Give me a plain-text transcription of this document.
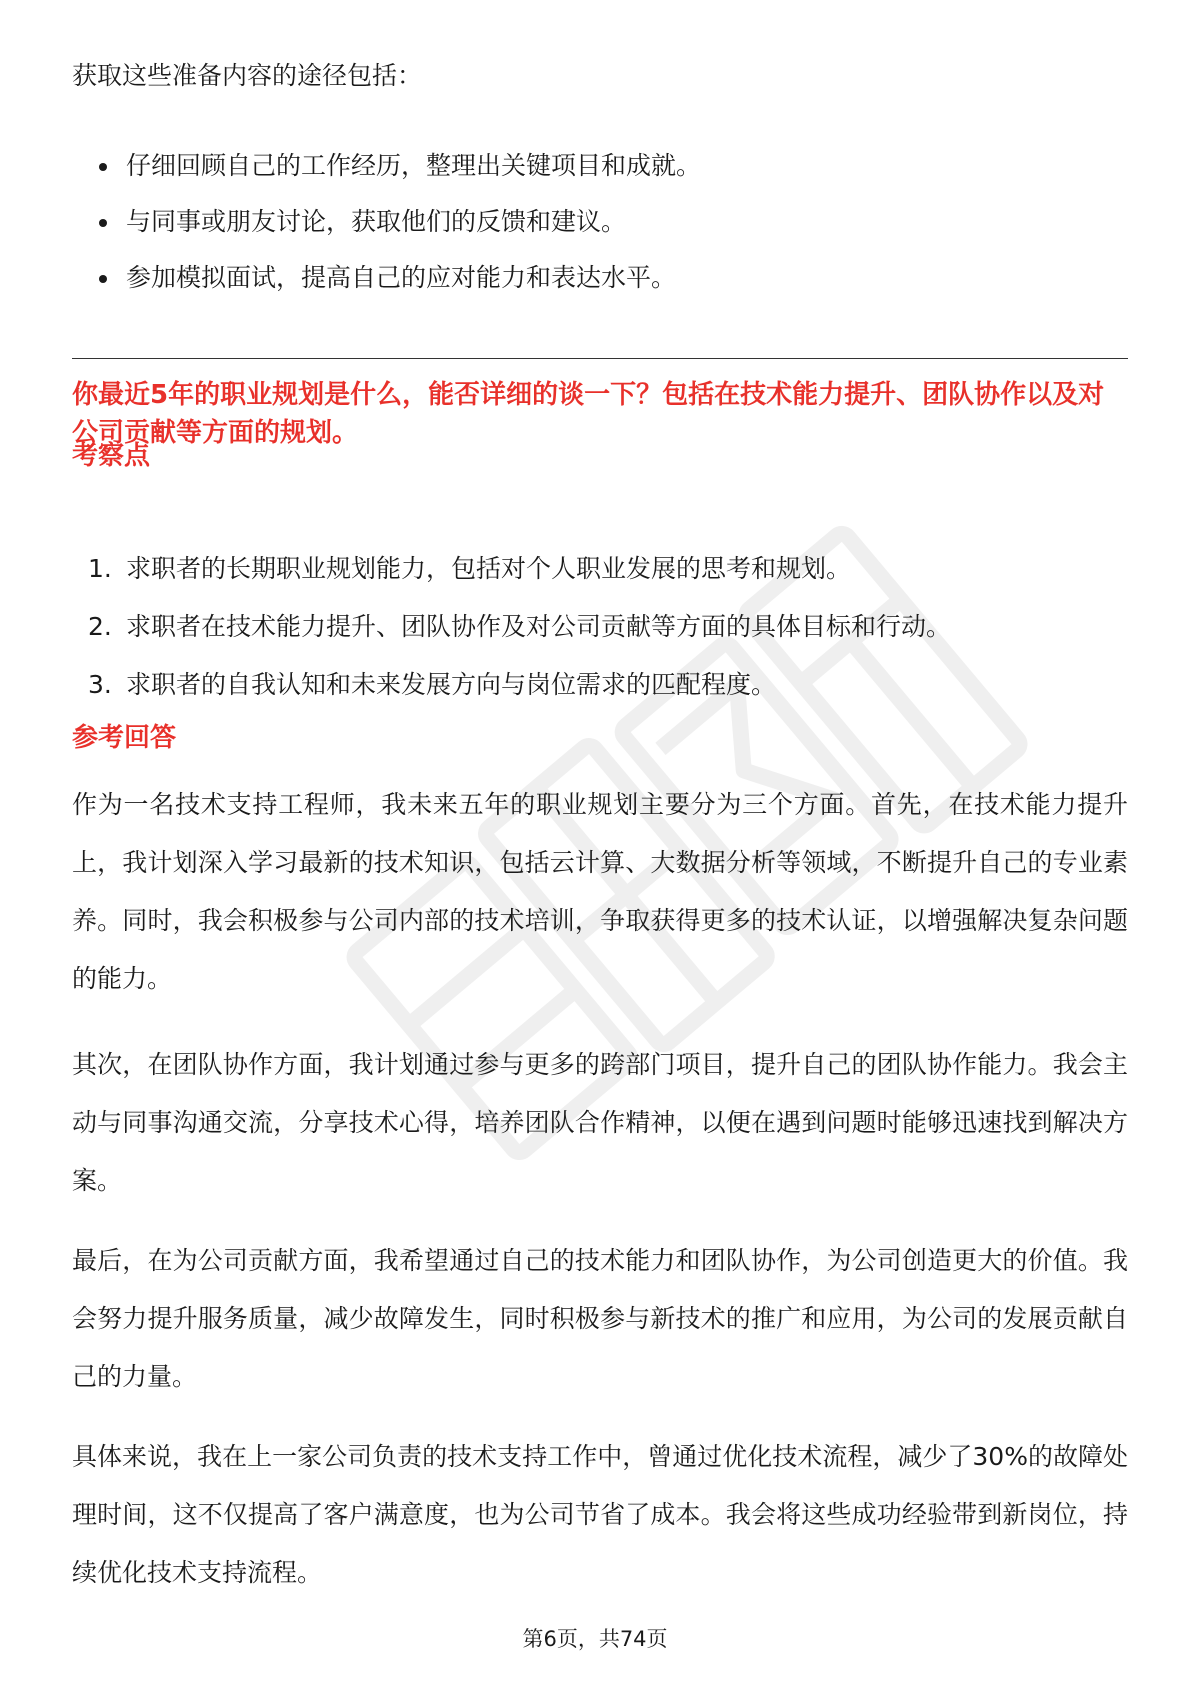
获取这些准备内容的途径包括：

仔细回顾自己的工作经历，整理出关键项目和成就。
与同事或朋友讨论，获取他们的反馈和建议。
参加模拟面试，提高自己的应对能力和表达水平。
你最近5年的职业规划是什么，能否详细的谈一下？包括在技术能力提升、团队协作以及对公司贡献等方面的规划。
考察点
1. 求职者的长期职业规划能力，包括对个人职业发展的思考和规划。
2. 求职者在技术能力提升、团队协作及对公司贡献等方面的具体目标和行动。
3. 求职者的自我认知和未来发展方向与岗位需求的匹配程度。
参考回答

作为一名技术支持工程师，我未来五年的职业规划主要分为三个方面。首先，在技术能力提升上，我计划深入学习最新的技术知识，包括云计算、大数据分析等领域，不断提升自己的专业素养。同时，我会积极参与公司内部的技术培训，争取获得更多的技术认证，以增强解决复杂问题的能力。

其次，在团队协作方面，我计划通过参与更多的跨部门项目，提升自己的团队协作能力。我会主动与同事沟通交流，分享技术心得，培养团队合作精神，以便在遇到问题时能够迅速找到解决方案。

最后，在为公司贡献方面，我希望通过自己的技术能力和团队协作，为公司创造更大的价值。我会努力提升服务质量，减少故障发生，同时积极参与新技术的推广和应用，为公司的发展贡献自己的力量。

具体来说，我在上一家公司负责的技术支持工作中，曾通过优化技术流程，减少了30%的故障处理时间，这不仅提高了客户满意度，也为公司节省了成本。我会将这些成功经验带到新岗位，持续优化技术支持流程。

第6页，共74页
